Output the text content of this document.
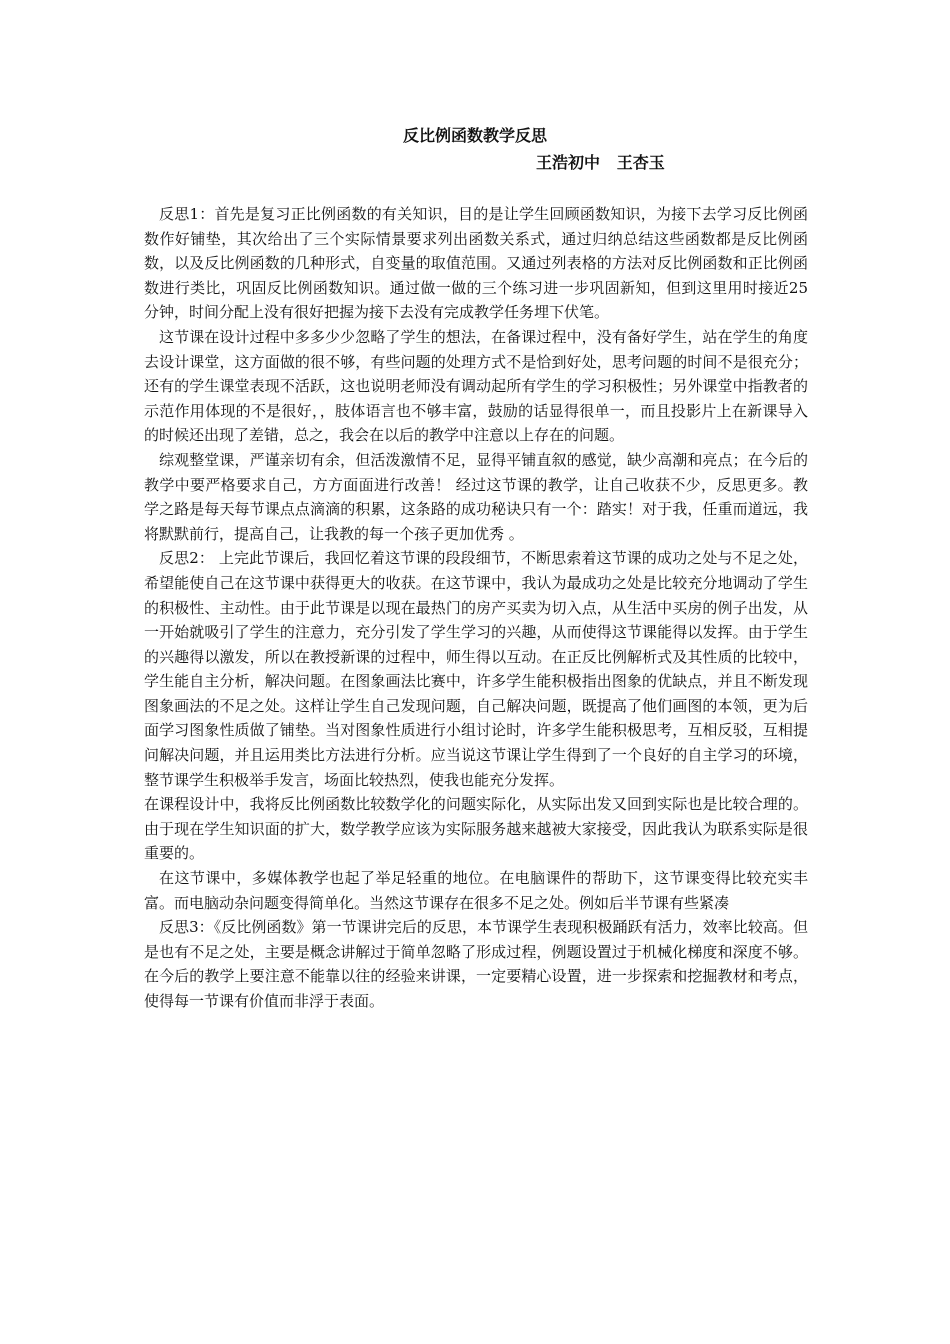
反比例函数教学反思
王浩初中   王杏玉

反思1：首先是复习正比例函数的有关知识，目的是让学生回顾函数知识，为接下去学习反比例函数作好铺垫，其次给出了三个实际情景要求列出函数关系式，通过归纳总结这些函数都是反比例函数，以及反比例函数的几种形式，自变量的取值范围。又通过列表格的方法对反比例函数和正比例函数进行类比，巩固反比例函数知识。通过做一做的三个练习进一步巩固新知，但到这里用时接近25分钟，时间分配上没有很好把握为接下去没有完成教学任务埋下伏笔。

这节课在设计过程中多多少少忽略了学生的想法，在备课过程中，没有备好学生，站在学生的角度去设计课堂，这方面做的很不够，有些问题的处理方式不是恰到好处，思考问题的时间不是很充分；还有的学生课堂表现不活跃，这也说明老师没有调动起所有学生的学习积极性；另外课堂中指教者的示范作用体现的不是很好，，肢体语言也不够丰富，鼓励的话显得很单一，而且投影片上在新课导入的时候还出现了差错，总之，我会在以后的教学中注意以上存在的问题。

综观整堂课，严谨亲切有余，但活泼激情不足，显得平铺直叙的感觉，缺少高潮和亮点；在今后的教学中要严格要求自己，方方面面进行改善！ 经过这节课的教学，让自己收获不少，反思更多。教学之路是每天每节课点点滴滴的积累，这条路的成功秘诀只有一个：踏实！对于我，任重而道远，我将默默前行，提高自己，让我教的每一个孩子更加优秀 。

反思2： 上完此节课后，我回忆着这节课的段段细节，不断思索着这节课的成功之处与不足之处，希望能使自己在这节课中获得更大的收获。在这节课中，我认为最成功之处是比较充分地调动了学生的积极性、主动性。由于此节课是以现在最热门的房产买卖为切入点，从生活中买房的例子出发，从一开始就吸引了学生的注意力，充分引发了学生学习的兴趣，从而使得这节课能得以发挥。由于学生的兴趣得以激发，所以在教授新课的过程中，师生得以互动。在正反比例解析式及其性质的比较中，学生能自主分析，解决问题。在图象画法比赛中，许多学生能积极指出图象的优缺点，并且不断发现图象画法的不足之处。这样让学生自己发现问题，自己解决问题，既提高了他们画图的本领，更为后面学习图象性质做了铺垫。当对图象性质进行小组讨论时，许多学生能积极思考，互相反驳，互相提问解决问题，并且运用类比方法进行分析。应当说这节课让学生得到了一个良好的自主学习的环境，整节课学生积极举手发言，场面比较热烈，使我也能充分发挥。

在课程设计中，我将反比例函数比较数学化的问题实际化，从实际出发又回到实际也是比较合理的。由于现在学生知识面的扩大，数学教学应该为实际服务越来越被大家接受，因此我认为联系实际是很重要的。

在这节课中，多媒体教学也起了举足轻重的地位。在电脑课件的帮助下，这节课变得比较充实丰富。而电脑动杂问题变得简单化。当然这节课存在很多不足之处。例如后半节课有些紧凑

反思3：《反比例函数》第一节课讲完后的反思，本节课学生表现积极踊跃有活力，效率比较高。但是也有不足之处，主要是概念讲解过于简单忽略了形成过程，例题设置过于机械化梯度和深度不够。在今后的教学上要注意不能靠以往的经验来讲课，一定要精心设置，进一步探索和挖掘教材和考点，使得每一节课有价值而非浮于表面。
